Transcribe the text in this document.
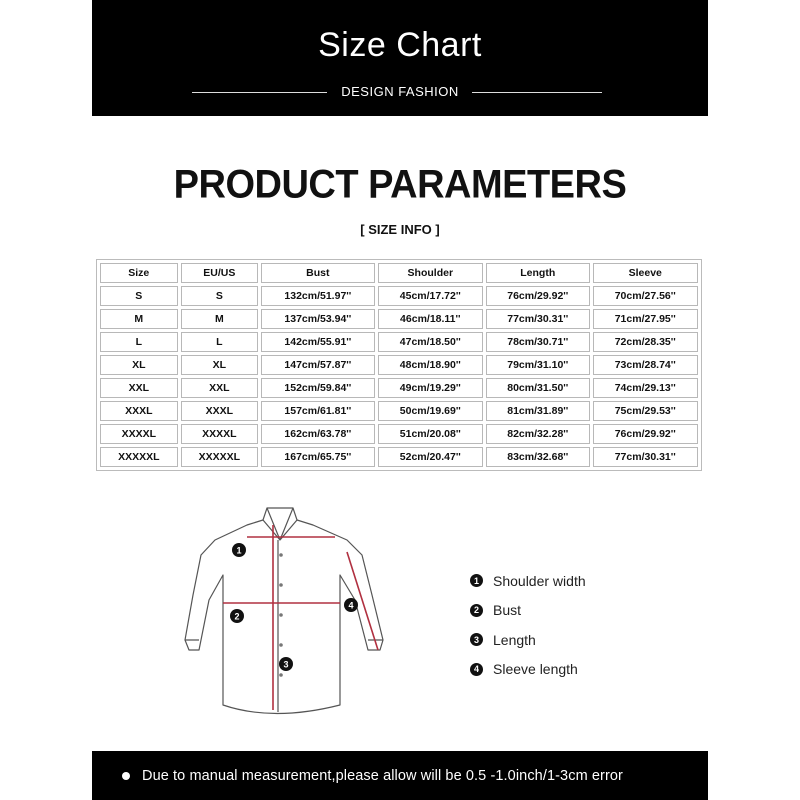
Size Chart
DESIGN FASHION
PRODUCT PARAMETERS
[ SIZE INFO ]
Size	EU/US	Bust	Shoulder	Length	Sleeve
S	S	132cm/51.97''	45cm/17.72''	76cm/29.92''	70cm/27.56''
M	M	137cm/53.94''	46cm/18.11''	77cm/30.31''	71cm/27.95''
L	L	142cm/55.91''	47cm/18.50''	78cm/30.71''	72cm/28.35''
XL	XL	147cm/57.87''	48cm/18.90''	79cm/31.10''	73cm/28.74''
XXL	XXL	152cm/59.84''	49cm/19.29''	80cm/31.50''	74cm/29.13''
XXXL	XXXL	157cm/61.81''	50cm/19.69''	81cm/31.89''	75cm/29.53''
XXXXL	XXXXL	162cm/63.78''	51cm/20.08''	82cm/32.28''	76cm/29.92''
XXXXXL	XXXXXL	167cm/65.75''	52cm/20.47''	83cm/32.68''	77cm/30.31''
1
2
3
4
1 Shoulder width
2 Bust
3 Length
4 Sleeve length
Due to manual measurement,please allow will be 0.5 -1.0inch/1-3cm error
